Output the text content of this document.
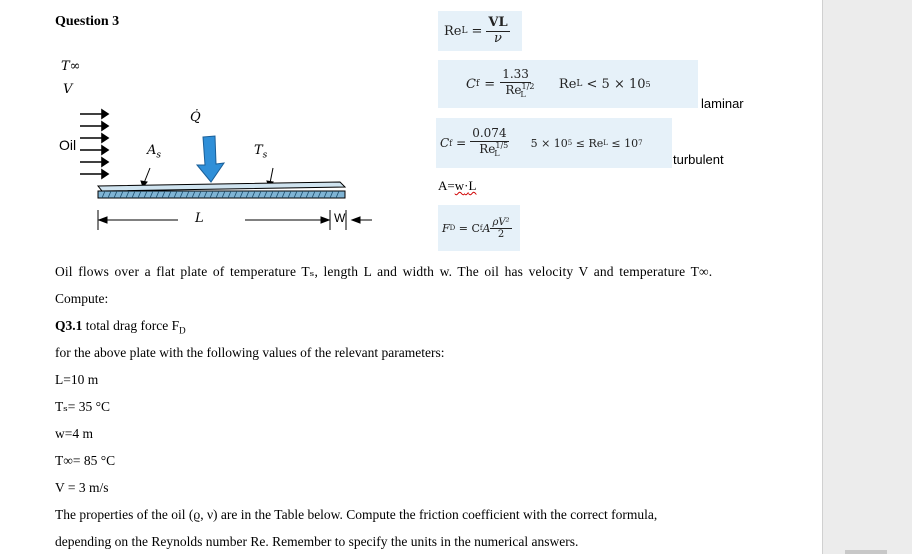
Question 3
T∞
V
Oil
Q̇
$A_s$	$T_s$
L	W
Re $L = \frac{VL}{\nu}$
C $f = \frac{1.33}{Re^{1/2}_L}$ Re L < 5 × 10 5
laminar
C $f = \frac{0.074}{Re^{1/5}_L} 5 \times 10$ 5 ≤ Re L ≤ 10 7
turbulent
A=w·L
F D = C f A $\frac{\text{ρV²}}{2}$
Oil flows over a flat plate of temperature Tₛ, length L and width w. The oil has velocity V and temperature T∞.
Compute:
Q3.1 total drag force $F_D$
for the above plate with the following values of the relevant parameters:
L=10 m
Tₛ= 35 °C
w=4 m
T∞= 85 °C
V = 3 m/s
The properties of the oil (ϱ, ν) are in the Table below. Compute the friction coefficient with the correct formula,
depending on the Reynolds number Re. Remember to specify the units in the numerical answers.
